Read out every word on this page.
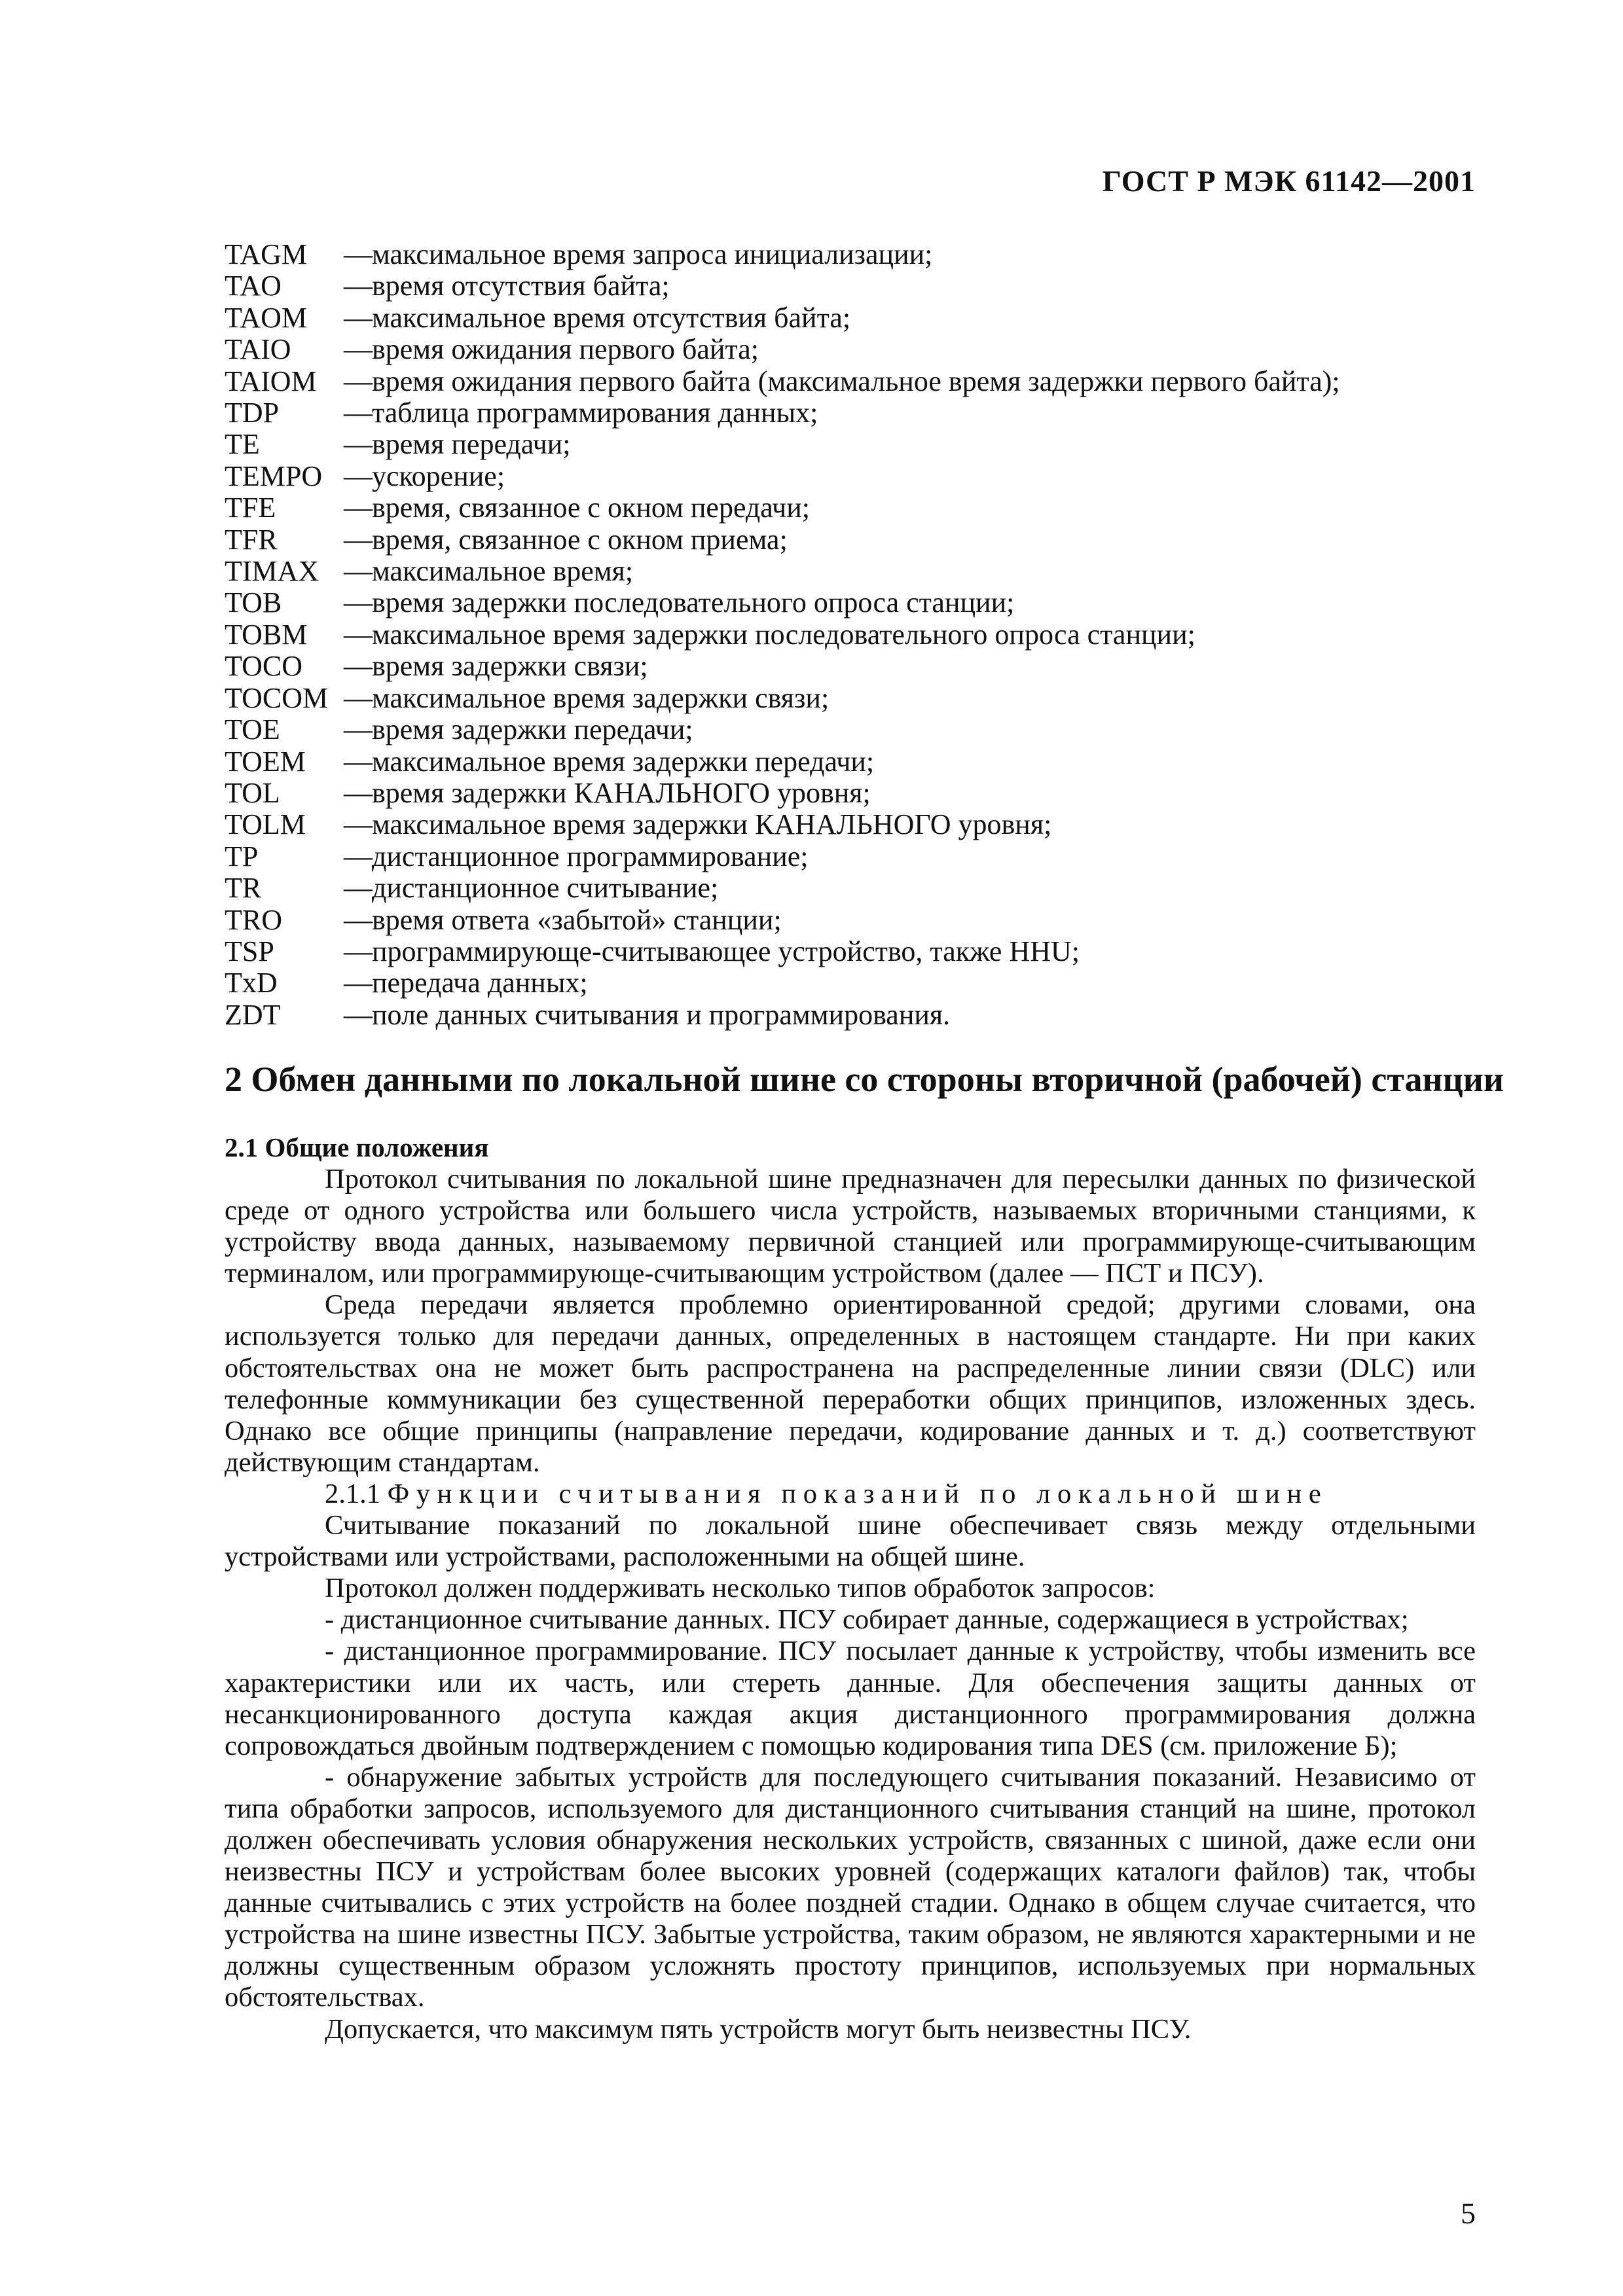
ГОСТ Р МЭК 61142—2001
TAGM	— максимальное время запроса инициализации;
TAO	— время отсутствия байта;
TAOM	— максимальное время отсутствия байта;
TAIO	— время ожидания первого байта;
TAIOM — время ожидания первого байта (максимальное время задержки первого байта);
TDP	— таблица программирования данных;
TE	— время передачи;
TEMPO — ускорение;
TFE	— время, связанное с окном передачи;
TFR	— время, связанное с окном приема;
TIMAX — максимальное время;
TOB	— время задержки последовательного опроса станции;
TOBM	— максимальное время задержки последовательного опроса станции;
TOCO	— время задержки связи;
TOCOM — максимальное время задержки связи;
TOE	— время задержки передачи;
TOEM	— максимальное время задержки передачи;
TOL	— время задержки КАНАЛЬНОГО уровня;
TOLM	— максимальное время задержки КАНАЛЬНОГО уровня;
TP	— дистанционное программирование;
TR	— дистанционное считывание;
TRO	— время ответа «забытой» станции;
TSP	— программирующе-считывающее устройство, также HHU;
TxD	— передача данных;
ZDT	— поле данных считывания и программирования.
2 Обмен данными по локальной шине со стороны вторичной (рабочей) станции

2.1 Общие положения

Протокол считывания по локальной шине предназначен для пересылки данных по физической среде от одного устройства или большего числа устройств, называемых вторичными станциями, к устройству ввода данных, называемому первичной станцией или программирующе-считывающим терминалом, или программирующе-считывающим устройством (далее — ПСТ и ПСУ).

Среда передачи является проблемно ориентированной средой; другими словами, она используется только для передачи данных, определенных в настоящем стандарте. Ни при каких обстоятельствах она не может быть распространена на распределенные линии связи (DLC) или телефонные коммуникации без существенной переработки общих принципов, изложенных здесь. Однако все общие принципы (направление передачи, кодирование данных и т. д.) соответствуют действующим стандартам.

2.1.1 Функции считывания показаний по локальной шине

Считывание показаний по локальной шине обеспечивает связь между отдельными устройствами или устройствами, расположенными на общей шине.

Протокол должен поддерживать несколько типов обработок запросов:

- дистанционное считывание данных. ПСУ собирает данные, содержащиеся в устройствах;

- дистанционное программирование. ПСУ посылает данные к устройству, чтобы изменить все характеристики или их часть, или стереть данные. Для обеспечения защиты данных от несанкционированного доступа каждая акция дистанционного программирования должна сопровождаться двойным подтверждением с помощью кодирования типа DES (см. приложение Б);

- обнаружение забытых устройств для последующего считывания показаний. Независимо от типа обработки запросов, используемого для дистанционного считывания станций на шине, протокол должен обеспечивать условия обнаружения нескольких устройств, связанных с шиной, даже если они неизвестны ПСУ и устройствам более высоких уровней (содержащих каталоги файлов) так, чтобы данные считывались с этих устройств на более поздней стадии. Однако в общем случае считается, что устройства на шине известны ПСУ. Забытые устройства, таким образом, не являются характерными и не должны существенным образом усложнять простоту принципов, используемых при нормальных обстоятельствах.

Допускается, что максимум пять устройств могут быть неизвестны ПСУ.

5
